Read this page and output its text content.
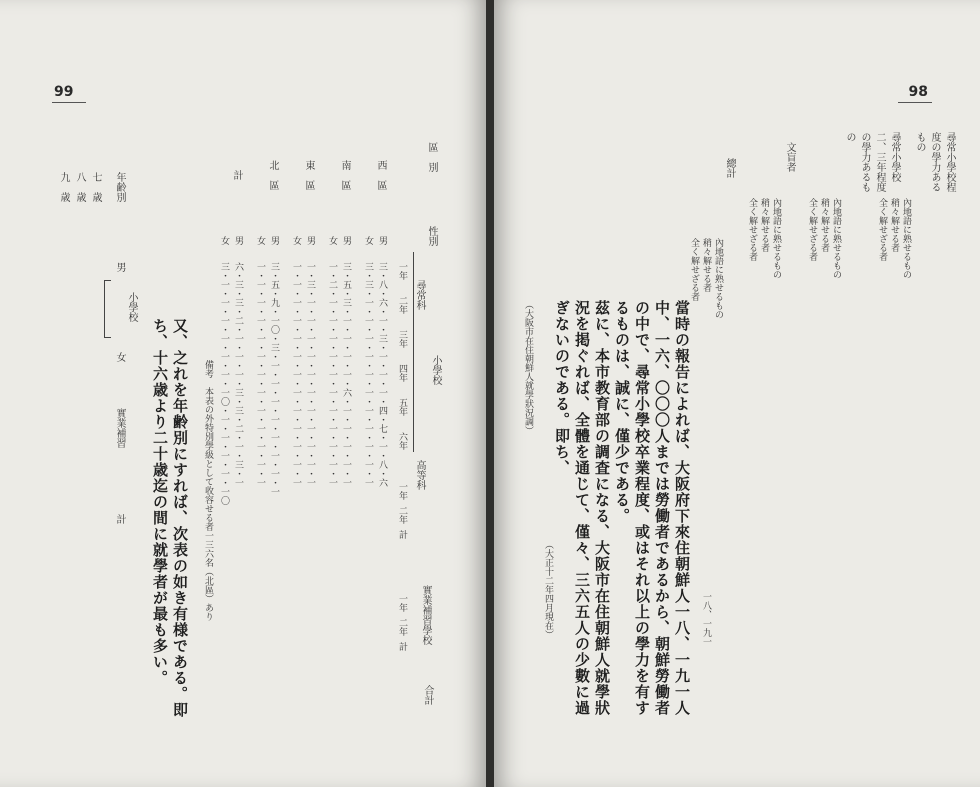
99
區　別
性別
小學校
尋常科
高等科
實業補習學校
合計
一年
二年
三年
四年
五年
六年
一年
二年
計
一年
二年
計
西　區
男
三・八・六・一・三・一・一・一・四・七・一・八・六
女
三・三・一・一・一・一・一・一・一・一・一・一・一
南　區
男
三・五・三・一・一・一・一・六・一・一・一・一・一
女
一・二・一・一・一・一・一・一・一・一・一・一・一
東　區
男
一・三・一・一・一・一・一・一・一・一・一・一・一
女
一・一・一・一・一・一・一・一・一・一・一・一・一
北　區
男
三・五・九・一〇・三・一・一・一・一・一・一・一・一
女
一・一・一・一・一・一・一・一・一・一・一・一・一
計
男
六・三・三・二・一・一・一・三・三・二・一・三・一
女
三・一・一・一・一・一・一・一〇・一・一・一・一・一〇
備考　本表の外特別學級として收容せる者一三六名（北區）あり
又、之れを年齢別にすれば、次表の如き有様である。即ち、十六歳より二十歳迄の間に就學者が最も多い。
年齢別
男
小學校
女
實業補習
計
七　歳
八　歳
九　歳

98
尋常小學校程度の學力あるもの
內地語に熟せるもの
稍々解せる者
全く解せざる者
尋常小學校二、三年程度の學力あるもの
內地語に熟せるもの
稍々解せる者
全く解せざる者
文盲者
內地語に熟せるもの
稍々解せる者
全く解せざる者
總計
內地語に熟せるもの
稍々解せる者
全く解せざる者
一八、一九一
（大正十二年四月現在）	當時の報告によれば、大阪府下來住朝鮮人一八、一九一人中、一六、〇〇〇人までは勞働者であるから、朝鮮勞働者の中で、尋常小學校卒業程度、或はそれ以上の學力を有するものは、誠に、僅少である。
茲に、本市教育部の調査になる、大阪市在住朝鮮人就學狀況を掲ぐれば、全體を通じて、僅々、三六五人の少數に過ぎないのである。即ち、
（大阪市在住朝鮮人就學狀況調）
